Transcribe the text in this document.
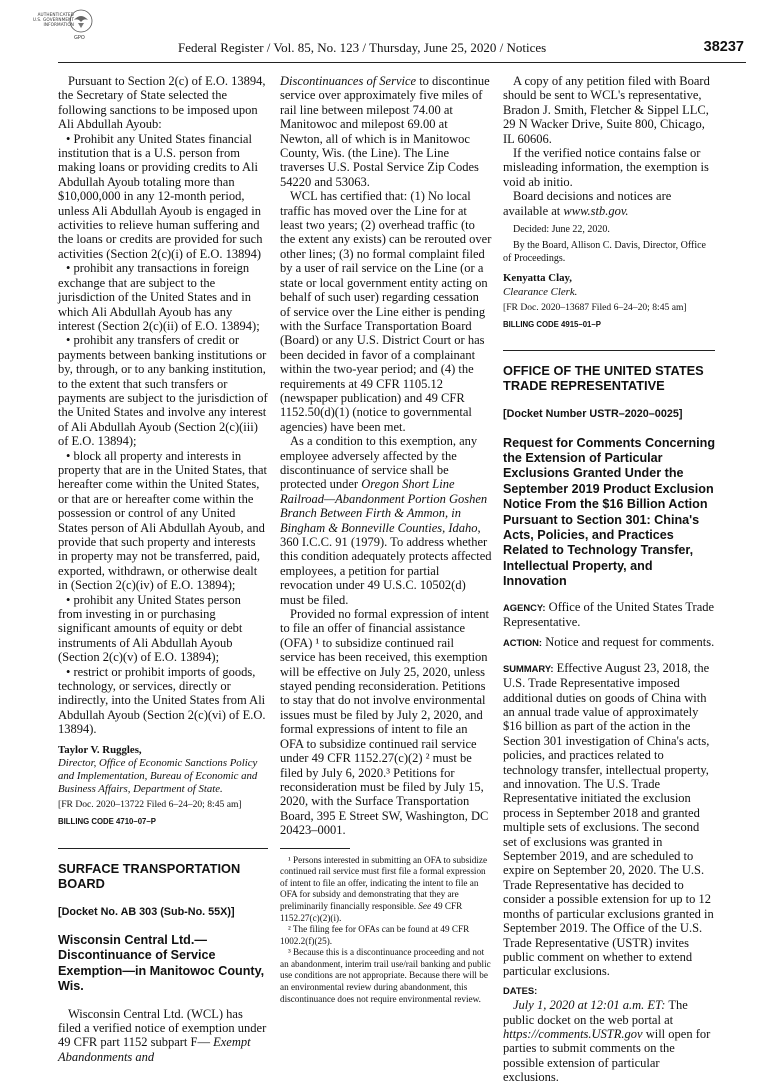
AUTHENTICATED
U.S. GOVERNMENT
INFORMATION
GPO
Federal Register / Vol. 85, No. 123 / Thursday, June 25, 2020 / Notices	38237

Pursuant to Section 2(c) of E.O. 13894, the Secretary of State selected the following sanctions to be imposed upon Ali Abdullah Ayoub:

• Prohibit any United States financial institution that is a U.S. person from making loans or providing credits to Ali Abdullah Ayoub totaling more than $10,000,000 in any 12-month period, unless Ali Abdullah Ayoub is engaged in activities to relieve human suffering and the loans or credits are provided for such activities (Section 2(c)(i) of E.O. 13894)

• prohibit any transactions in foreign exchange that are subject to the jurisdiction of the United States and in which Ali Abdullah Ayoub has any interest (Section 2(c)(ii) of E.O. 13894);

• prohibit any transfers of credit or payments between banking institutions or by, through, or to any banking institution, to the extent that such transfers or payments are subject to the jurisdiction of the United States and involve any interest of Ali Abdullah Ayoub (Section 2(c)(iii) of E.O. 13894);

• block all property and interests in property that are in the United States, that hereafter come within the United States, or that are or hereafter come within the possession or control of any United States person of Ali Abdullah Ayoub, and provide that such property and interests in property may not be transferred, paid, exported, withdrawn, or otherwise dealt in (Section 2(c)(iv) of E.O. 13894);

• prohibit any United States person from investing in or purchasing significant amounts of equity or debt instruments of Ali Abdullah Ayoub (Section 2(c)(v) of E.O. 13894);

• restrict or prohibit imports of goods, technology, or services, directly or indirectly, into the United States from Ali Abdullah Ayoub (Section 2(c)(vi) of E.O. 13894).

Taylor V. Ruggles,
Director, Office of Economic Sanctions Policy and Implementation, Bureau of Economic and Business Affairs, Department of State.
[FR Doc. 2020–13722 Filed 6–24–20; 8:45 am]
BILLING CODE 4710–07–P
SURFACE TRANSPORTATION BOARD
[Docket No. AB 303 (Sub-No. 55X)]
Wisconsin Central Ltd.— Discontinuance of Service Exemption—in Manitowoc County, Wis.

Wisconsin Central Ltd. (WCL) has filed a verified notice of exemption under 49 CFR part 1152 subpart F— Exempt Abandonments and

Discontinuances of Service to discontinue service over approximately five miles of rail line between milepost 74.00 at Manitowoc and milepost 69.00 at Newton, all of which is in Manitowoc County, Wis. (the Line). The Line traverses U.S. Postal Service Zip Codes 54220 and 53063.

WCL has certified that: (1) No local traffic has moved over the Line for at least two years; (2) overhead traffic (to the extent any exists) can be rerouted over other lines; (3) no formal complaint filed by a user of rail service on the Line (or a state or local government entity acting on behalf of such user) regarding cessation of service over the Line either is pending with the Surface Transportation Board (Board) or any U.S. District Court or has been decided in favor of a complainant within the two-year period; and (4) the requirements at 49 CFR 1105.12 (newspaper publication) and 49 CFR 1152.50(d)(1) (notice to governmental agencies) have been met.

As a condition to this exemption, any employee adversely affected by the discontinuance of service shall be protected under Oregon Short Line Railroad—Abandonment Portion Goshen Branch Between Firth & Ammon, in Bingham & Bonneville Counties, Idaho, 360 I.C.C. 91 (1979). To address whether this condition adequately protects affected employees, a petition for partial revocation under 49 U.S.C. 10502(d) must be filed.

Provided no formal expression of intent to file an offer of financial assistance (OFA) ¹ to subsidize continued rail service has been received, this exemption will be effective on July 25, 2020, unless stayed pending reconsideration. Petitions to stay that do not involve environmental issues must be filed by July 2, 2020, and formal expressions of intent to file an OFA to subsidize continued rail service under 49 CFR 1152.27(c)(2) ² must be filed by July 6, 2020.³ Petitions for reconsideration must be filed by July 15, 2020, with the Surface Transportation Board, 395 E Street SW, Washington, DC 20423–0001.

¹ Persons interested in submitting an OFA to subsidize continued rail service must first file a formal expression of intent to file an offer, indicating the intent to file an OFA for subsidy and demonstrating that they are preliminarily financially responsible. See 49 CFR 1152.27(c)(2)(i).

² The filing fee for OFAs can be found at 49 CFR 1002.2(f)(25).

³ Because this is a discontinuance proceeding and not an abandonment, interim trail use/rail banking and public use conditions are not appropriate. Because there will be an environmental review during abandonment, this discontinuance does not require environmental review.

A copy of any petition filed with Board should be sent to WCL's representative, Bradon J. Smith, Fletcher & Sippel LLC, 29 N Wacker Drive, Suite 800, Chicago, IL 60606.

If the verified notice contains false or misleading information, the exemption is void ab initio.

Board decisions and notices are available at www.stb.gov.

Decided: June 22, 2020.

By the Board, Allison C. Davis, Director, Office of Proceedings.

Kenyatta Clay,
Clearance Clerk.
[FR Doc. 2020–13687 Filed 6–24–20; 8:45 am]
BILLING CODE 4915–01–P
OFFICE OF THE UNITED STATES TRADE REPRESENTATIVE
[Docket Number USTR–2020–0025]
Request for Comments Concerning the Extension of Particular Exclusions Granted Under the September 2019 Product Exclusion Notice From the $16 Billion Action Pursuant to Section 301: China's Acts, Policies, and Practices Related to Technology Transfer, Intellectual Property, and Innovation

AGENCY: Office of the United States Trade Representative.

ACTION: Notice and request for comments.

SUMMARY: Effective August 23, 2018, the U.S. Trade Representative imposed additional duties on goods of China with an annual trade value of approximately $16 billion as part of the action in the Section 301 investigation of China's acts, policies, and practices related to technology transfer, intellectual property, and innovation. The U.S. Trade Representative initiated the exclusion process in September 2018 and granted multiple sets of exclusions. The second set of exclusions was granted in September 2019, and are scheduled to expire on September 20, 2020. The U.S. Trade Representative has decided to consider a possible extension for up to 12 months of particular exclusions granted in September 2019. The Office of the U.S. Trade Representative (USTR) invites public comment on whether to extend particular exclusions.

DATES:

July 1, 2020 at 12:01 a.m. ET: The public docket on the web portal at https://comments.USTR.gov will open for parties to submit comments on the possible extension of particular exclusions.
